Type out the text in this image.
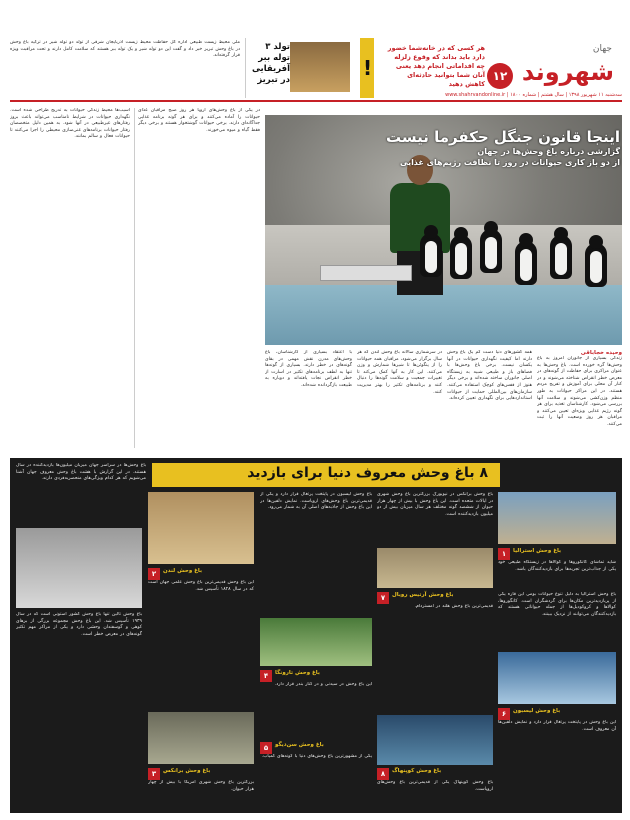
جهان
شهروند
۱۲
هر کسی که در خانه‌شما خضور دارد باید بداند که وقوع زلزله چه اقداماتی انجام دهد یعنی آنان شما بتوانید حادثه‌ای کاهش دهید
سه‌شنبه ۱۱ شهریور ۱۳۹۸ | سال هشتم | شماره ۱۸۰۰ | www.shahrvandonline.ir
!
تولد ۳ توله ببر آفریقایی در تبریز
ملی محیط زیست طبیعی اداره کل حفاظت محیط زیست آذربایجان شرقی از تولد دو توله شیر در ترکیه باغ وحش در باغ وحش تبریز خبر داد و گفت این دو توله شیر و یک توله ببر هستند که سلامت کامل دارند و تحت مراقبت ویژه قرار گرفته‌اند.
اینجا قانون جنگل حکفرما نیست
گزارشی درباره باغ وحش‌ها در جهان
از دو باز کاری حیوانات در روز تا نظافت رژیم‌های غذایی
آسیب‌ها محیط زندگی حیوانات به تدریج طراحی شده است. نگهداری حیوانات در شرایط نامناسب می‌تواند باعث بروز رفتارهای غیرطبیعی در آنها شود. به همین دلیل متخصصان رفتار حیوانات برنامه‌های غنی‌سازی محیطی را اجرا می‌کنند تا حیوانات فعال و سالم بمانند.
در یکی از باغ وحش‌های اروپا هر روز صبح مراقبان غذای حیوانات را آماده می‌کنند و برای هر گونه برنامه غذایی جداگانه‌ای دارند. برخی حیوانات گوشتخوار هستند و برخی دیگر فقط گیاه و میوه می‌خورند.
وحیده خجاباقی
زندگی بسیاری از جانوران امروز به باغ وحش‌ها گره خورده است. باغ وحش‌ها به عنوان مراکزی برای حفاظت از گونه‌های در معرض خطر انقراض شناخته می‌شوند و در کنار آن محلی برای آموزش و تفریح مردم هستند. در این مراکز حیوانات به طور منظم وزن‌کشی می‌شوند و سلامت آنها بررسی می‌شود. کارشناسان تغذیه برای هر گونه رژیم غذایی ویژه‌ای تعیین می‌کنند و مراقبان هر روز وضعیت آنها را ثبت می‌کنند.
همه کشورهای دنیا دست کم یک باغ وحش دارند اما کیفیت نگهداری حیوانات در آنها یکسان نیست. برخی باغ وحش‌ها با فضاهای باز و طبیعی شبیه به زیستگاه اصلی جانوران ساخته شده‌اند و برخی دیگر هنوز از قفس‌های کوچک استفاده می‌کنند. سازمان‌های بین‌المللی حمایت از حیوانات استانداردهایی برای نگهداری تعیین کرده‌اند.
در سرشماری سالانه باغ وحش لندن که هر سال برگزار می‌شود، مراقبان همه حیوانات را از پنگوئن‌ها تا شیرها شمارش و وزن می‌کنند. این کار به آنها کمک می‌کند تا تغییرات جمعیت و سلامت گونه‌ها را دنبال کنند و برنامه‌های تکثیر را بهتر مدیریت کنند.
با اعتقاد بسیاری از کارشناسان، باغ وحش‌های مدرن نقش مهمی در بقای گونه‌های در خطر دارند. بسیاری از گونه‌ها تنها به لطف برنامه‌های تکثیر در اسارت از خطر انقراض نجات یافته‌اند و دوباره به طبیعت بازگردانده شده‌اند.
۸ باغ وحش معروف دنیا برای بازدید
باغ وحش‌ها در سراسر جهان میزبان میلیون‌ها بازدیدکننده در سال هستند. در این گزارش با هشت باغ وحش معروف جهان آشنا می‌شویم که هر کدام ویژگی‌های منحصربه‌فردی دارند.
۱	باغ وحش استرالیا
شاید تماشای کانگوروها و کوالاها در زیستگاه طبیعی خود یکی از جذاب‌ترین تجربه‌ها برای بازدیدکنندگان باشد.
باغ وحش استرالیا به دلیل تنوع حیوانات بومی این قاره یکی از پربازدیدترین مکان‌ها برای گردشگران است. کانگوروها، کوالاها و کروکودیل‌ها از جمله حیواناتی هستند که بازدیدکنندگان می‌توانند از نزدیک ببینند.
۶	باغ وحش لیسبون
این باغ وحش در پایتخت پرتغال قرار دارد و نمایش دلفین‌ها آن معروف است.
باغ وحش برانکس در نیویورک بزرگترین باغ وحش شهری در ایالات متحده است. این باغ وحش با بیش از چهار هزار حیوان از ششصد گونه مختلف هر سال میزبان بیش از دو میلیون بازدیدکننده است.
۷	باغ وحش آرتیس روبال
قدیمی‌ترین باغ وحش هلند در آمستردام.
۸	باغ وحش کوپنهاگ
باغ وحش کوپنهاگ یکی از قدیمی‌ترین باغ وحش‌های اروپاست.
باغ وحش لیسبون در پایتخت پرتغال قرار دارد و یکی از قدیمی‌ترین باغ وحش‌های اروپاست. نمایش دلفین‌ها در این باغ وحش از جاذبه‌های اصلی آن به شمار می‌رود.
۴	باغ وحش تارونگا
این باغ وحش در سیدنی و در کنار بندر قرار دارد.
۵	باغ وحش سن‌دیگو
یکی از مشهورترین باغ وحش‌های دنیا با گونه‌های کمیاب.
۲	باغ وحش لندن
این باغ وحش قدیمی‌ترین باغ وحش علمی جهان است که در سال ۱۸۲۸ تأسیس شد.
۳	باغ وحش برانکس
بزرگترین باغ وحش شهری آمریکا با بیش از چهار هزار حیوان.
باغ وحش تالین تنها باغ وحش کشور استونی است که در سال ۱۹۳۹ تأسیس شد. این باغ وحش مجموعه بزرگی از بزهای کوهی و گوسفندان وحشی دارد و یکی از مراکز مهم تکثیر گونه‌های در معرض خطر است.
